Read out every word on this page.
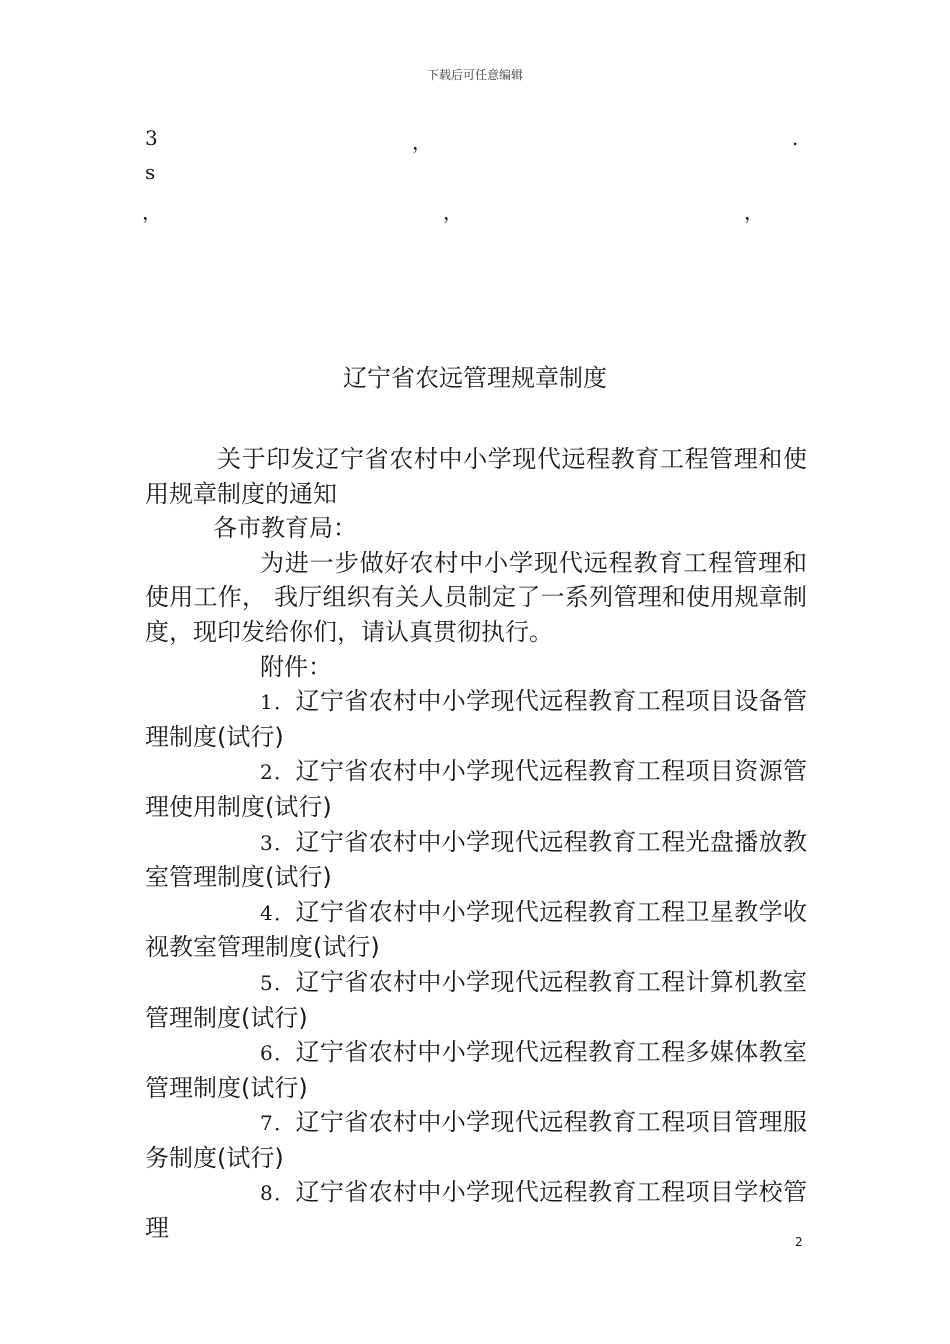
下载后可任意编辑
3	，	.
s
，	，	，
辽宁省农远管理规章制度

关于印发辽宁省农村中小学现代远程教育工程管理和使用规章制度的通知

各市教育局：

为进一步做好农村中小学现代远程教育工程管理和使用工作， 我厅组织有关人员制定了一系列管理和使用规章制度，现印发给你们，请认真贯彻执行。

附件：

1．辽宁省农村中小学现代远程教育工程项目设备管理制度(试行)

2．辽宁省农村中小学现代远程教育工程项目资源管理使用制度(试行)

3．辽宁省农村中小学现代远程教育工程光盘播放教室管理制度(试行)

4．辽宁省农村中小学现代远程教育工程卫星教学收视教室管理制度(试行)

5．辽宁省农村中小学现代远程教育工程计算机教室管理制度(试行)

6．辽宁省农村中小学现代远程教育工程多媒体教室管理制度(试行)

7．辽宁省农村中小学现代远程教育工程项目管理服务制度(试行)

8．辽宁省农村中小学现代远程教育工程项目学校管理	2
